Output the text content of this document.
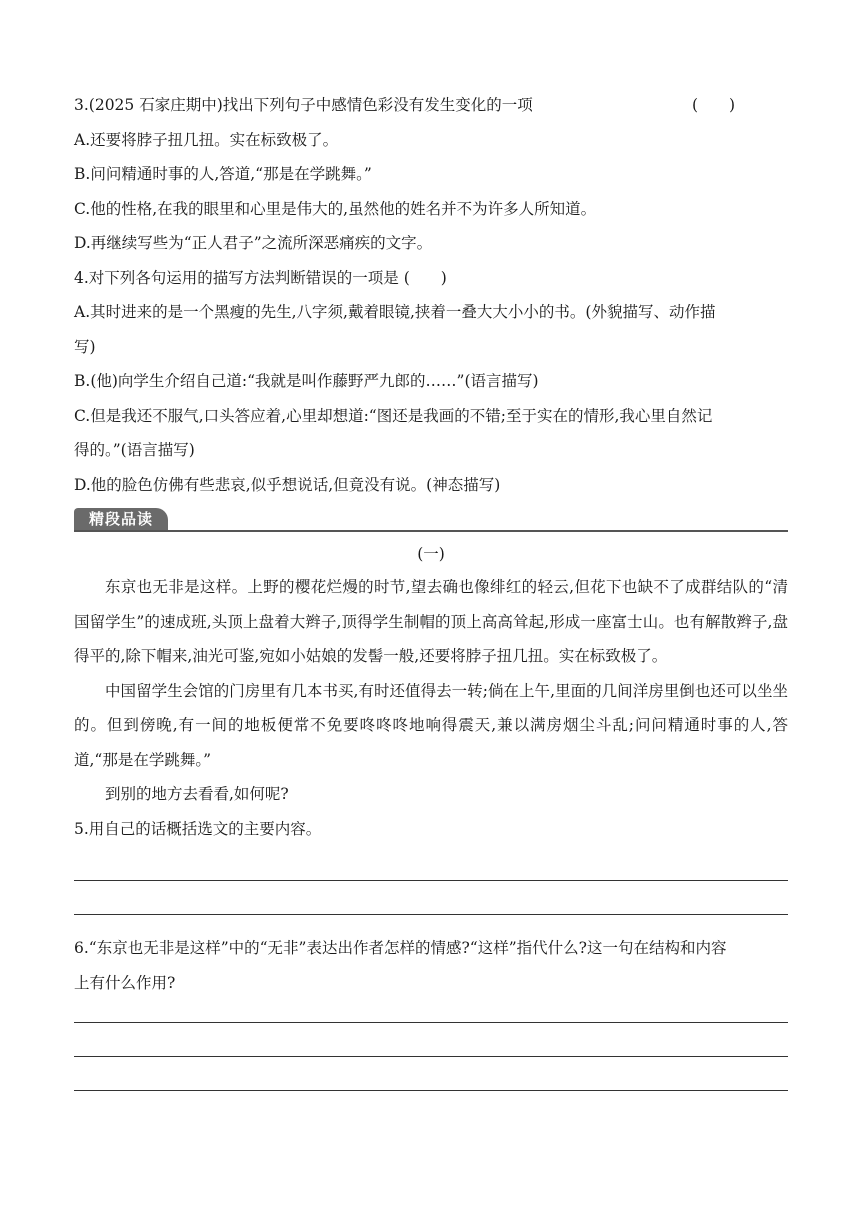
3.(2025 石家庄期中)找出下列句子中感情色彩没有发生变化的一项	(　　)
A.还要将脖子扭几扭。实在标致极了。
B.问问精通时事的人,答道,“那是在学跳舞。”
C.他的性格,在我的眼里和心里是伟大的,虽然他的姓名并不为许多人所知道。
D.再继续写些为“正人君子”之流所深恶痛疾的文字。
4.对下列各句运用的描写方法判断错误的一项是 (　　)
A.其时进来的是一个黑瘦的先生,八字须,戴着眼镜,挟着一叠大大小小的书。(外貌描写、动作描
写)
B.(他)向学生介绍自己道:“我就是叫作藤野严九郎的……”(语言描写)
C.但是我还不服气,口头答应着,心里却想道:“图还是我画的不错;至于实在的情形,我心里自然记
得的。”(语言描写)
D.他的脸色仿佛有些悲哀,似乎想说话,但竟没有说。(神态描写)
精段品读
(一)
东京也无非是这样。上野的樱花烂熳的时节,望去确也像绯红的轻云,但花下也缺不了成群结队的“清国留学生”的速成班,头顶上盘着大辫子,顶得学生制帽的顶上高高耸起,形成一座富士山。也有解散辫子,盘得平的,除下帽来,油光可鉴,宛如小姑娘的发髻一般,还要将脖子扭几扭。实在标致极了。
中国留学生会馆的门房里有几本书买,有时还值得去一转;倘在上午,里面的几间洋房里倒也还可以坐坐的。但到傍晚,有一间的地板便常不免要咚咚咚地响得震天,兼以满房烟尘斗乱;问问精通时事的人,答道,“那是在学跳舞。”
到别的地方去看看,如何呢?
5.用自己的话概括选文的主要内容。
6.“东京也无非是这样”中的“无非”表达出作者怎样的情感?“这样”指代什么?这一句在结构和内容
上有什么作用?
